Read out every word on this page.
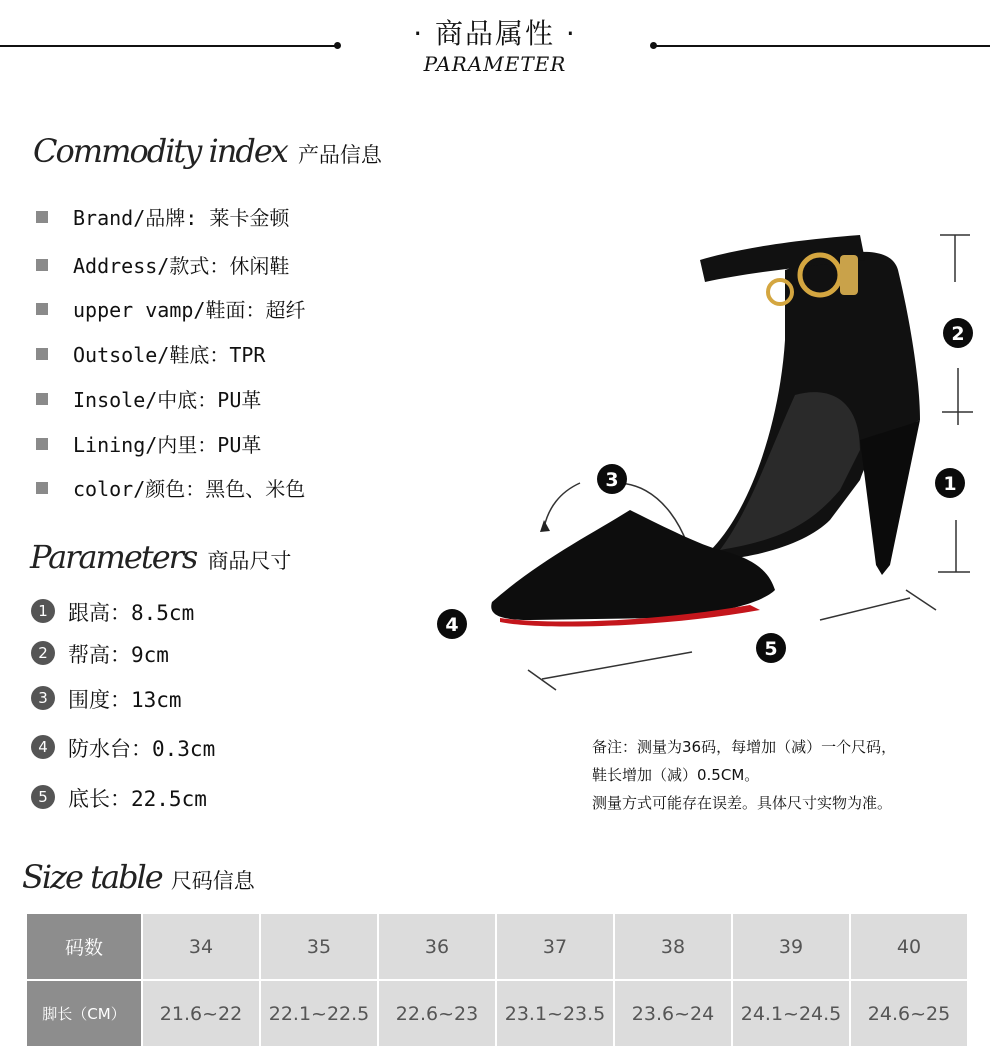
· 商品属性 ·
PARAMETER
Commodity index 产品信息
Brand/品牌: 莱卡金顿
Address/款式：休闲鞋
upper vamp/鞋面：超纤
Outsole/鞋底：TPR
Insole/中底：PU革
Lining/内里：PU革
color/颜色：黑色、米色
Parameters 商品尺寸
1 跟高：8.5cm
2 帮高：9cm
3 围度：13cm
4 防水台：0.3cm
5 底长：22.5cm
2
1
3
4
5
备注：测量为36码，每增加（减）一个尺码，
鞋长增加（减）0.5CM。
测量方式可能存在误差。具体尺寸实物为准。
Size table 尺码信息
码数	34	35	36	37	38	39	40
脚长（CM）	21.6~22	22.1~22.5	22.6~23	23.1~23.5	23.6~24	24.1~24.5	24.6~25
